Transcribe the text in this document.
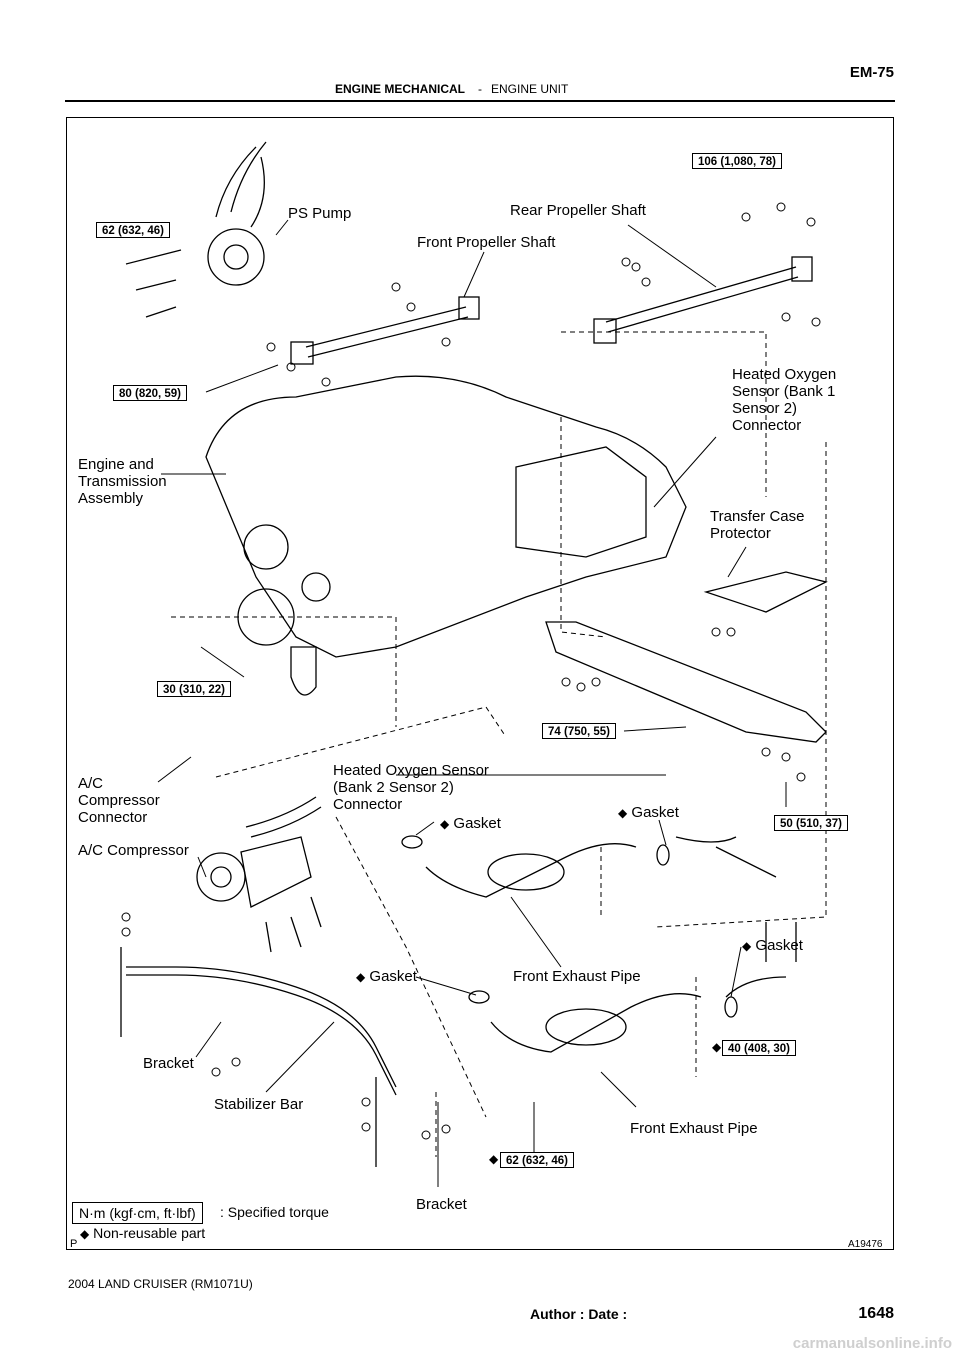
EM-75
ENGINE MECHANICAL - ENGINE UNIT
PS Pump	Rear Propeller Shaft
Front Propeller Shaft
Heated Oxygen
Sensor (Bank 1
Sensor 2)
Connector
Engine and
Transmission
Assembly
Transfer Case
Protector
A/C
Compressor
Connector
Heated Oxygen Sensor
(Bank 2 Sensor 2)
Connector
◆ Gasket
◆ Gasket
◆ Gasket
◆ Gasket
A/C Compressor
Front Exhaust Pipe
Front Exhaust Pipe
Bracket
Bracket
Stabilizer Bar
106 (1,080, 78)
62 (632, 46)
80 (820, 59)
30 (310, 22)
74 (750, 55)
50 (510, 37)
◆ 40 (408, 30)
◆ 62 (632, 46)
N·m (kgf·cm, ft·lbf)	: Specified torque
◆ Non-reusable part
P	A19476
2004 LAND CRUISER (RM1071U)
Author : Date :	1648
carmanualsonline.info
